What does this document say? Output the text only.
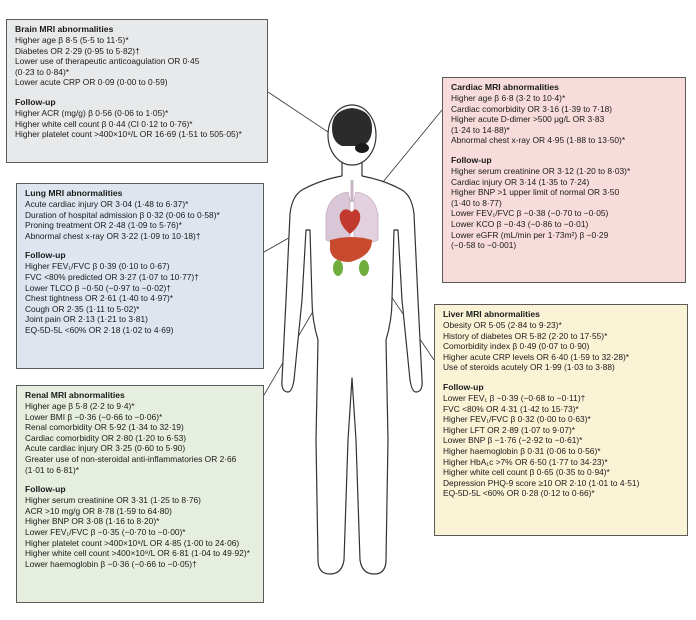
Brain MRI abnormalities

Higher age β 8·5 (5·5 to 11·5)*

Diabetes OR 2·29 (0·95 to 5·82)†

Lower use of therapeutic anticoagulation OR 0·45

(0·23 to 0·84)*

Lower acute CRP OR 0·09 (0·00 to 0·59)

Follow-up

Higher ACR (mg/g) β 0·56 (0·06 to 1·05)*

Higher white cell count β 0·44 (CI 0·12 to 0·76)*

Higher platelet count >400×10⁹/L OR 16·69 (1·51 to 505·05)*

Lung MRI abnormalities

Acute cardiac injury OR 3·04 (1·48 to 6·37)*

Duration of hospital admission β 0·32 (0·06 to 0·58)*

Proning treatment OR 2·48 (1·09 to 5·76)*

Abnormal chest x-ray OR 3·22 (1·09 to 10·18)†

Follow-up

Higher FEV₁/FVC β 0·39 (0·10 to 0·67)

FVC <80% predicted OR 3·27 (1·07 to 10·77)†

Lower TLCO β −0·50 (−0·97 to −0·02)†

Chest tightness OR 2·61 (1·40 to 4·97)*

Cough OR 2·35 (1·11 to 5·02)*

Joint pain OR 2·13 (1·21 to 3·81)

EQ-5D-5L <60% OR 2·18 (1·02 to 4·69)

Renal MRI abnormalities

Higher age β 5·8 (2·2 to 9·4)*

Lower BMI β −0·36 (−0·66 to −0·06)*

Renal comorbidity OR 5·92 (1·34 to 32·19)

Cardiac comorbidity OR 2·80 (1·20 to 6·53)

Acute cardiac injury OR 3·25 (0·60 to 5·90)

Greater use of non-steroidal anti-inflammatories OR 2·66

(1·01 to 6·81)*

Follow-up

Higher serum creatinine OR 3·31 (1·25 to 8·76)

ACR >10 mg/g OR 8·78 (1·59 to 64·80)

Higher BNP OR 3·08 (1·16 to 8·20)*

Lower FEV₁/FVC β −0·35 (−0·70 to −0·00)*

Higher platelet count >400×10⁹/L OR 4·85 (1·00 to 24·06)

Higher white cell count >400×10⁹/L OR 6·81 (1·04 to 49·92)*

Lower haemoglobin β −0·36 (−0·66 to −0·05)†

Cardiac MRI abnormalities

Higher age β 6·8 (3·2 to 10·4)*

Cardiac comorbidity OR 3·16 (1·39 to 7·18)

Higher acute D-dimer >500 μg/L OR 3·83

(1·24 to 14·88)*

Abnormal chest x-ray OR 4·95 (1·88 to 13·50)*

Follow-up

Higher serum creatinine OR 3·12 (1·20 to 8·03)*

Cardiac injury OR 3·14 (1·35 to 7·24)

Higher BNP >1 upper limit of normal OR 3·50

(1·40 to 8·77)

Lower FEV₁/FVC β −0·38 (−0·70 to −0·05)

Lower KCO β −0·43 (−0·86 to −0·01)

Lower eGFR (mL/min per 1·73m²) β −0·29

(−0·58 to −0·001)

Liver MRI abnormalities

Obesity OR 5·05 (2·84 to 9·23)*

History of diabetes OR 5·82 (2·20 to 17·55)*

Comorbidity index β 0·49 (0·07 to 0·90)

Higher acute CRP levels OR 6·40 (1·59 to 32·28)*

Use of steroids acutely OR 1·99 (1·03 to 3·88)

Follow-up

Lower FEV₁ β −0·39 (−0·68 to −0·11)†

FVC <80% OR 4·31 (1·42 to 15·73)*

Higher FEV₁/FVC β 0·32 (0·00 to 0·63)*

Higher LFT OR 2·89 (1·07 to 9·07)*

Lower BNP β −1·76 (−2·92 to −0·61)*

Higher haemoglobin β 0·31 (0·06 to 0·56)*

Higher HbA₁c >7% OR 6·50 (1·77 to 34·23)*

Higher white cell count β 0·65 (0·35 to 0·94)*

Depression PHQ-9 score ≥10 OR 2·10 (1·01 to 4·51)

EQ-5D-5L <60% OR 0·28 (0·12 to 0·66)*
